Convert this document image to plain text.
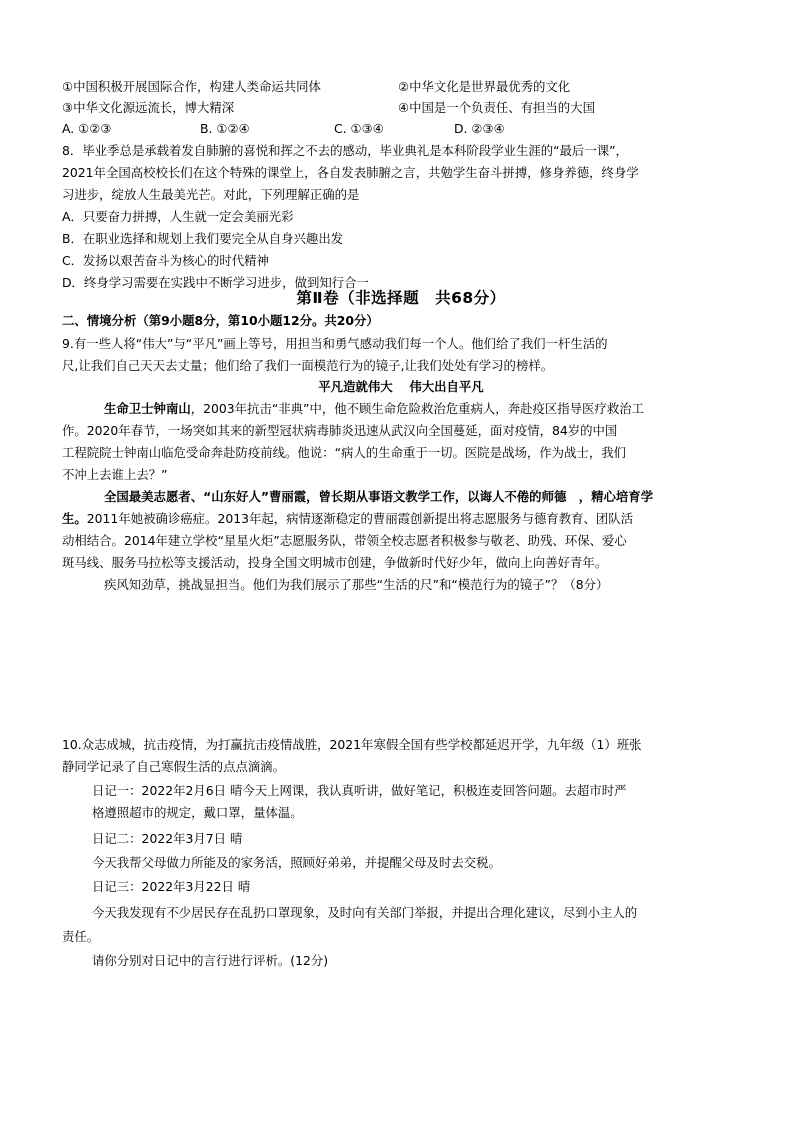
①中国积极开展国际合作，构建人类命运共同体	②中华文化是世界最优秀的文化
③中华文化源远流长，博大精深	④中国是一个负责任、有担当的大国
A. ①②③	B. ①②④	C. ①③④	D. ②③④
8．毕业季总是承载着发自肺腑的喜悦和挥之不去的感动，毕业典礼是本科阶段学业生涯的“最后一课”，
2021年全国高校校长们在这个特殊的课堂上，各自发表肺腑之言，共勉学生奋斗拼搏，修身养德，终身学
习进步，绽放人生最美光芒。对此，下列理解正确的是
A．只要奋力拼搏，人生就一定会美丽光彩
B．在职业选择和规划上我们要完全从自身兴趣出发
C．发扬以艰苦奋斗为核心的时代精神
D．终身学习需要在实践中不断学习进步，做到知行合一
第Ⅱ卷（非选择题　共68分）
二、情境分析（第9小题8分，第10小题12分。共20分）
9.有一些人将“伟大”与“平凡”画上等号，用担当和勇气感动我们每一个人。他们给了我们一杆生活的
尺,让我们自己天天去丈量；他们给了我们一面模范行为的镜子,让我们处处有学习的榜样。
平凡造就伟大　 伟大出自平凡
生命卫士钟南山，2003年抗击“非典”中，他不顾生命危险救治危重病人，奔赴疫区指导医疗救治工
作。2020年春节，一场突如其来的新型冠状病毒肺炎迅速从武汉向全国蔓延，面对疫情，84岁的中国
工程院院士钟南山临危受命奔赴防疫前线。他说：“病人的生命重于一切。医院是战场，作为战士，我们
不冲上去谁上去？”
全国最美志愿者、“山东好人”曹丽霞，曾长期从事语文教学工作，以诲人不倦的师德　，精心培育学
生。2011年她被确诊癌症。2013年起，病情逐渐稳定的曹丽霞创新提出将志愿服务与德育教育、团队活
动相结合。2014年建立学校“星星火炬”志愿服务队，带领全校志愿者积极参与敬老、助残、环保、爱心
斑马线、服务马拉松等支援活动，投身全国文明城市创建，争做新时代好少年，做向上向善好青年。
疾风知劲草，挑战显担当。他们为我们展示了那些“生活的尺”和“模范行为的镜子”？（8分）
10.众志成城，抗击疫情，为打赢抗击疫情战胜，2021年寒假全国有些学校都延迟开学，九年级（1）班张
静同学记录了自己寒假生活的点点滴滴。
日记一：2022年2月6日 晴今天上网课，我认真听讲，做好笔记，积极连麦回答问题。去超市时严
格遵照超市的规定，戴口罩，量体温。
日记二：2022年3月7日 晴
今天我帮父母做力所能及的家务活，照顾好弟弟，并提醒父母及时去交税。
日记三：2022年3月22日 晴
今天我发现有不少居民存在乱扔口罩现象，及时向有关部门举报，并提出合理化建议，尽到小主人的
责任。
请你分别对日记中的言行进行评析。(12分)
